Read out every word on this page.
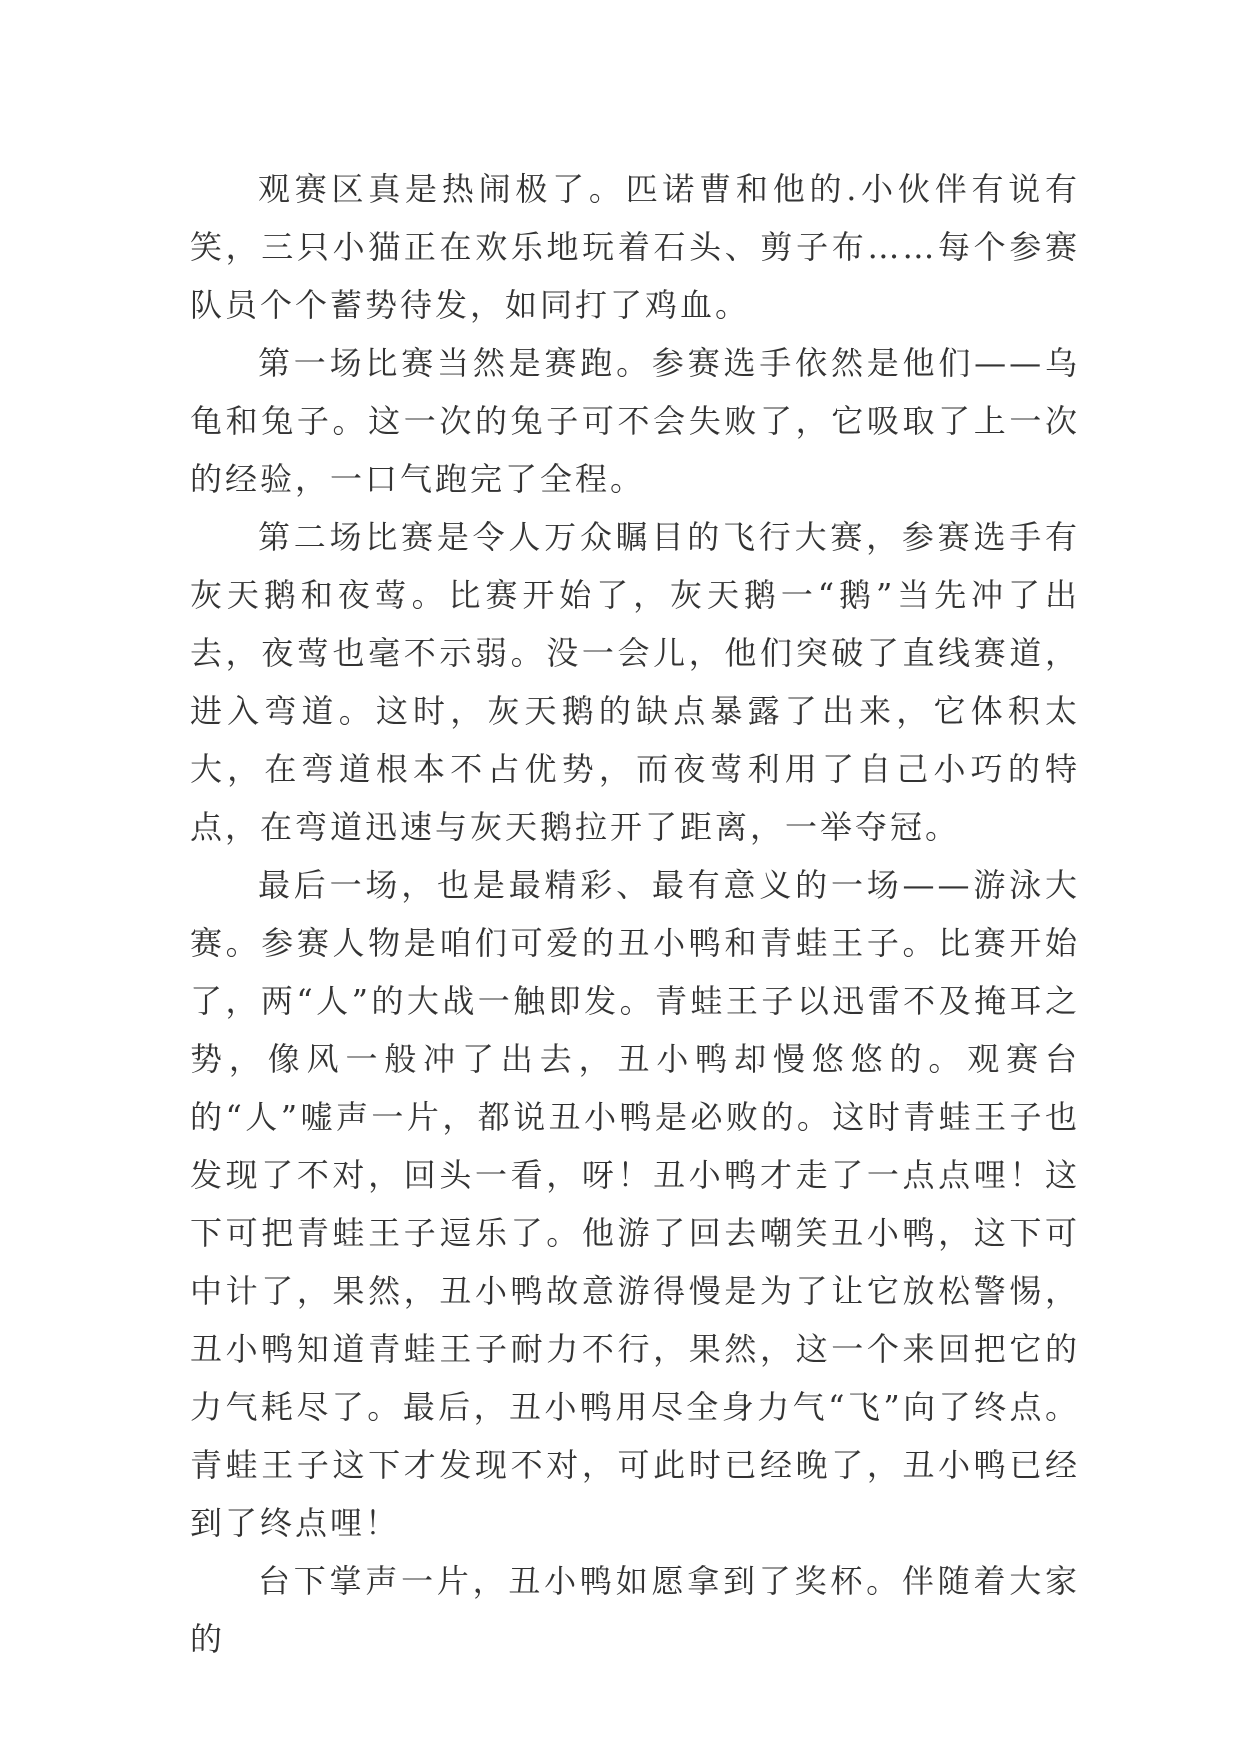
观赛区真是热闹极了。匹诺曹和他的.小伙伴有说有笑，三只小猫正在欢乐地玩着石头、剪子布……每个参赛队员个个蓄势待发，如同打了鸡血。

第一场比赛当然是赛跑。参赛选手依然是他们——乌龟和兔子。这一次的兔子可不会失败了，它吸取了上一次的经验，一口气跑完了全程。

第二场比赛是令人万众瞩目的飞行大赛，参赛选手有灰天鹅和夜莺。比赛开始了，灰天鹅一“鹅”当先冲了出去，夜莺也毫不示弱。没一会儿，他们突破了直线赛道，进入弯道。这时，灰天鹅的缺点暴露了出来，它体积太大，在弯道根本不占优势，而夜莺利用了自己小巧的特点，在弯道迅速与灰天鹅拉开了距离，一举夺冠。

最后一场，也是最精彩、最有意义的一场——游泳大赛。参赛人物是咱们可爱的丑小鸭和青蛙王子。比赛开始了，两“人”的大战一触即发。青蛙王子以迅雷不及掩耳之势，像风一般冲了出去，丑小鸭却慢悠悠的。观赛台的“人”嘘声一片，都说丑小鸭是必败的。这时青蛙王子也发现了不对，回头一看，呀！丑小鸭才走了一点点哩！这下可把青蛙王子逗乐了。他游了回去嘲笑丑小鸭，这下可中计了，果然，丑小鸭故意游得慢是为了让它放松警惕，丑小鸭知道青蛙王子耐力不行，果然，这一个来回把它的力气耗尽了。最后，丑小鸭用尽全身力气“飞”向了终点。青蛙王子这下才发现不对，可此时已经晚了，丑小鸭已经到了终点哩！

台下掌声一片，丑小鸭如愿拿到了奖杯。伴随着大家的
